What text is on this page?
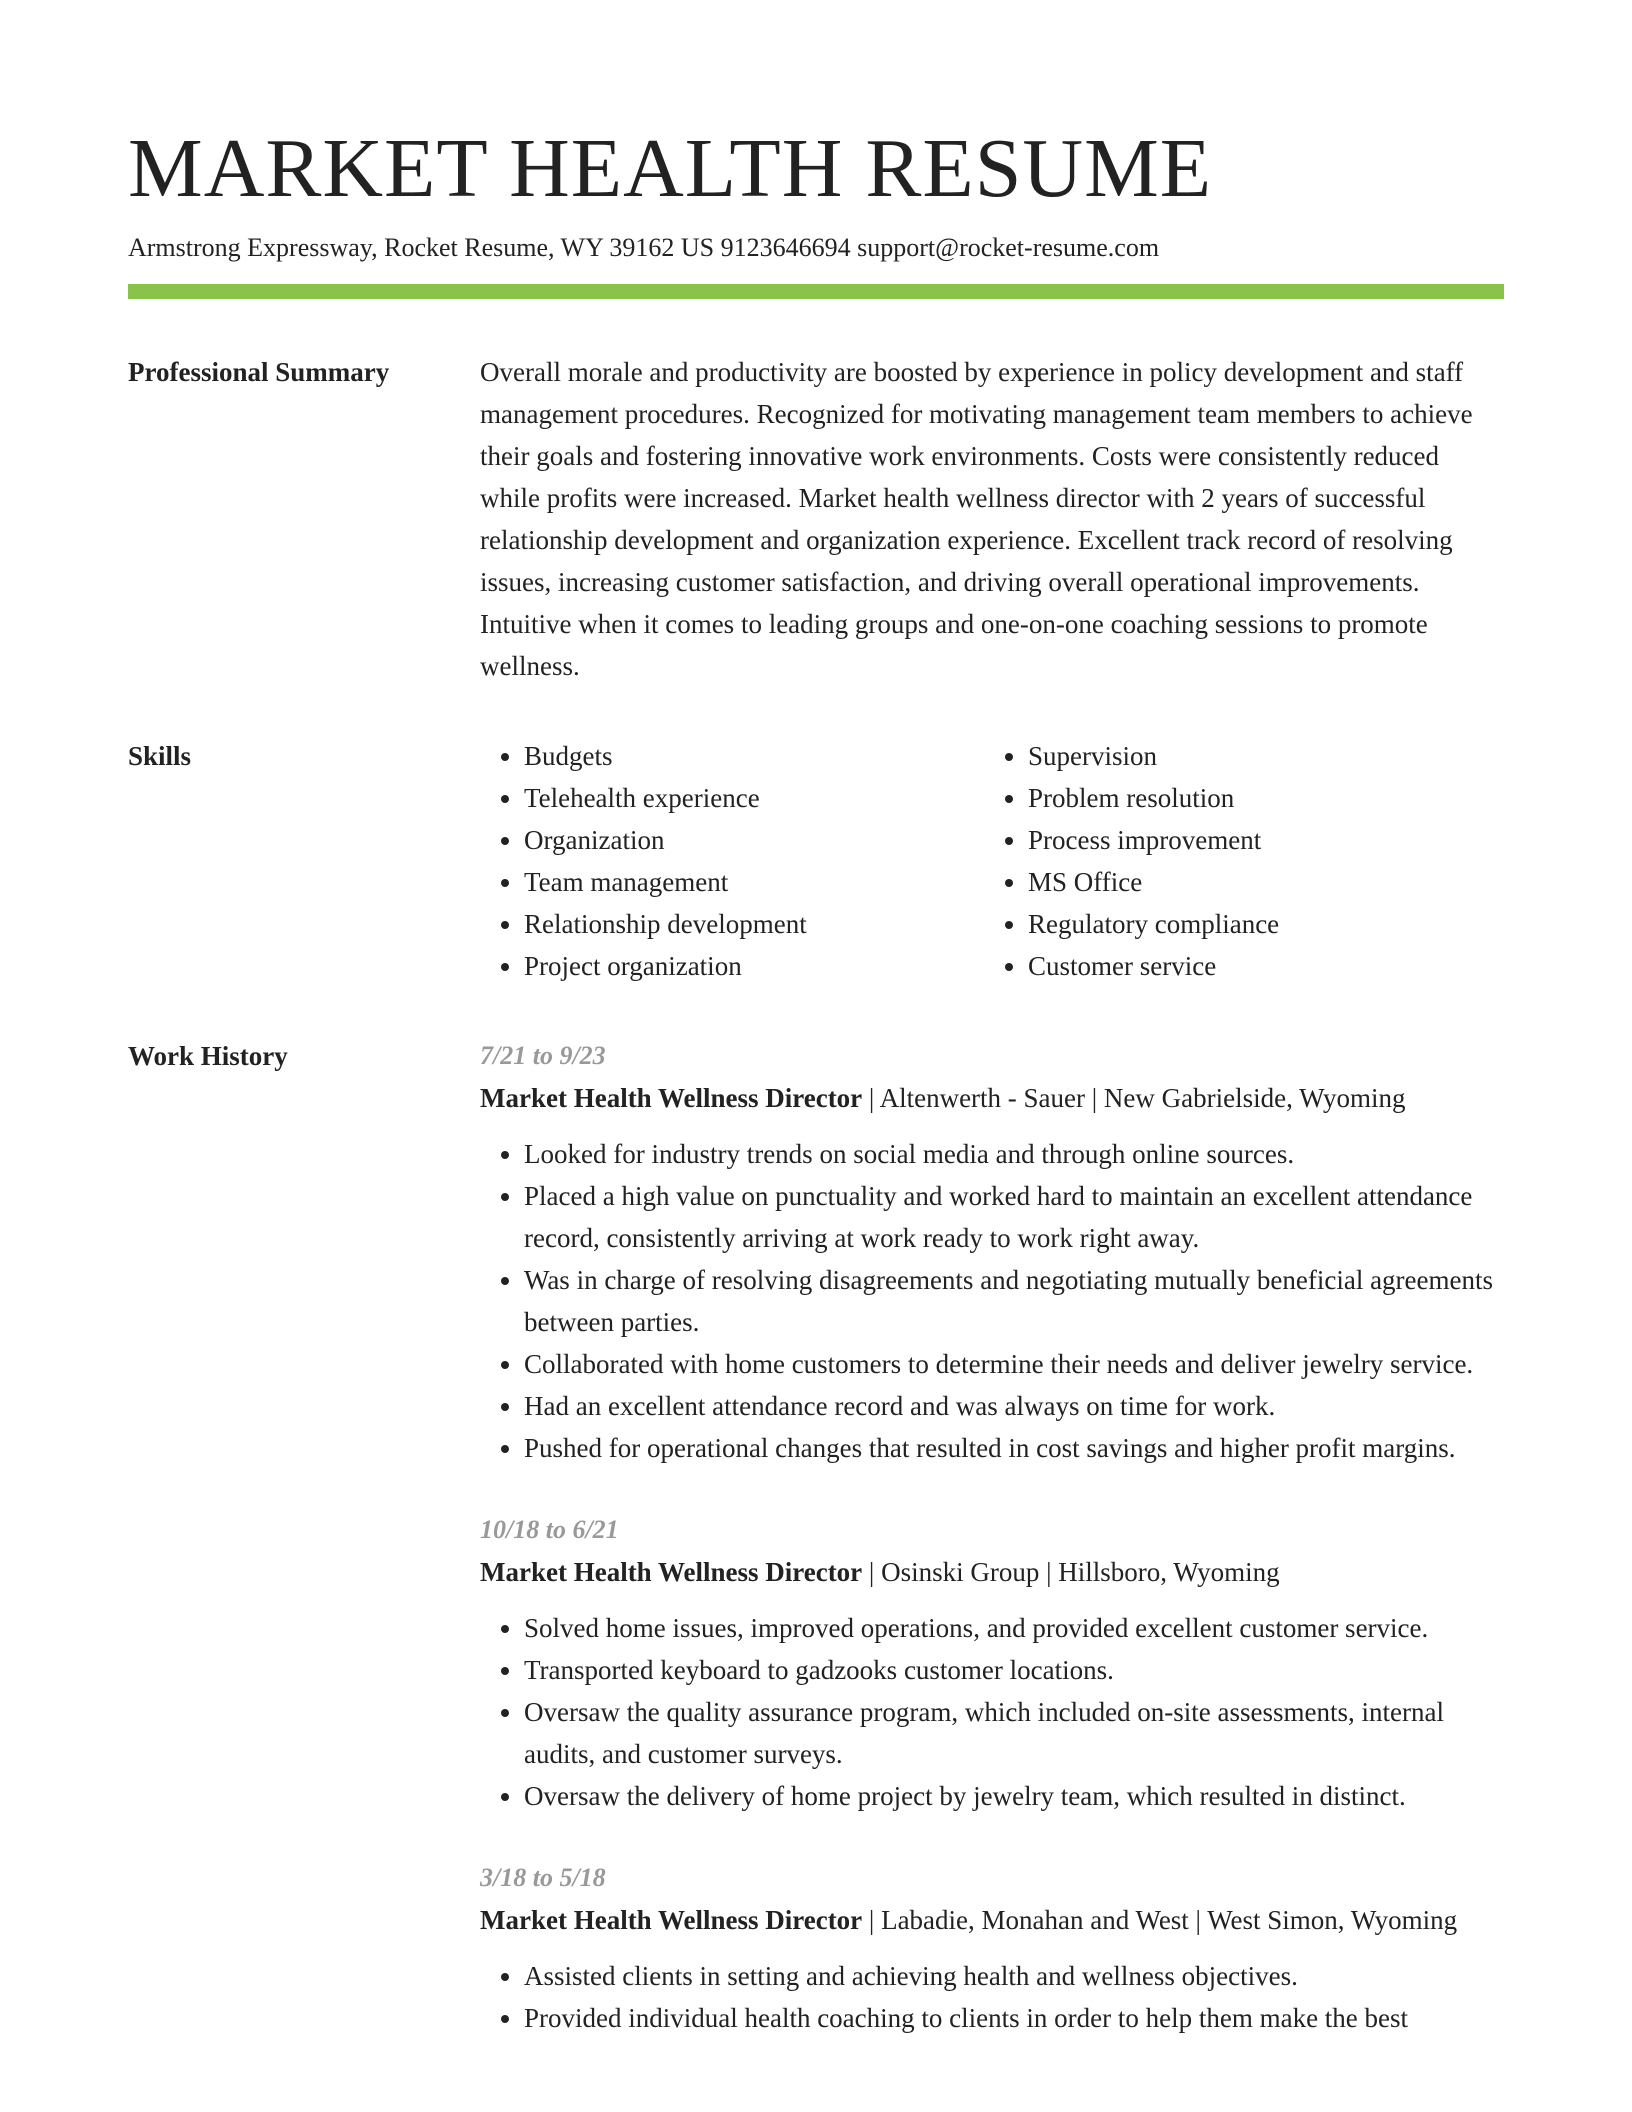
MARKET HEALTH RESUME
Armstrong Expressway, Rocket Resume, WY 39162 US 9123646694 support@rocket-resume.com
Professional Summary	Overall morale and productivity are boosted by experience in policy development and staff management procedures. Recognized for motivating management team members to achieve their goals and fostering innovative work environments. Costs were consistently reduced while profits were increased. Market health wellness director with 2 years of successful relationship development and organization experience. Excellent track record of resolving issues, increasing customer satisfaction, and driving overall operational improvements. Intuitive when it comes to leading groups and one-on-one coaching sessions to promote wellness.

Skills
•	Budgets
• Telehealth experience
• Organization
• Team management
• Relationship development
• Project organization
• Supervision
• Problem resolution
• Process improvement
• MS Office
• Regulatory compliance
• Customer service
Work History	7/21 to 9/23
Market Health Wellness Director | Altenwerth - Sauer | New Gabrielside, Wyoming
• Looked for industry trends on social media and through online sources.
• Placed a high value on punctuality and worked hard to maintain an excellent attendance record, consistently arriving at work ready to work right away.
• Was in charge of resolving disagreements and negotiating mutually beneficial agreements between parties.
• Collaborated with home customers to determine their needs and deliver jewelry service.
• Had an excellent attendance record and was always on time for work.
• Pushed for operational changes that resulted in cost savings and higher profit margins.
10/18 to 6/21
Market Health Wellness Director | Osinski Group | Hillsboro, Wyoming
• Solved home issues, improved operations, and provided excellent customer service.
• Transported keyboard to gadzooks customer locations.
• Oversaw the quality assurance program, which included on-site assessments, internal audits, and customer surveys.
• Oversaw the delivery of home project by jewelry team, which resulted in distinct.
3/18 to 5/18
Market Health Wellness Director | Labadie, Monahan and West | West Simon, Wyoming
• Assisted clients in setting and achieving health and wellness objectives.
• Provided individual health coaching to clients in order to help them make the best
